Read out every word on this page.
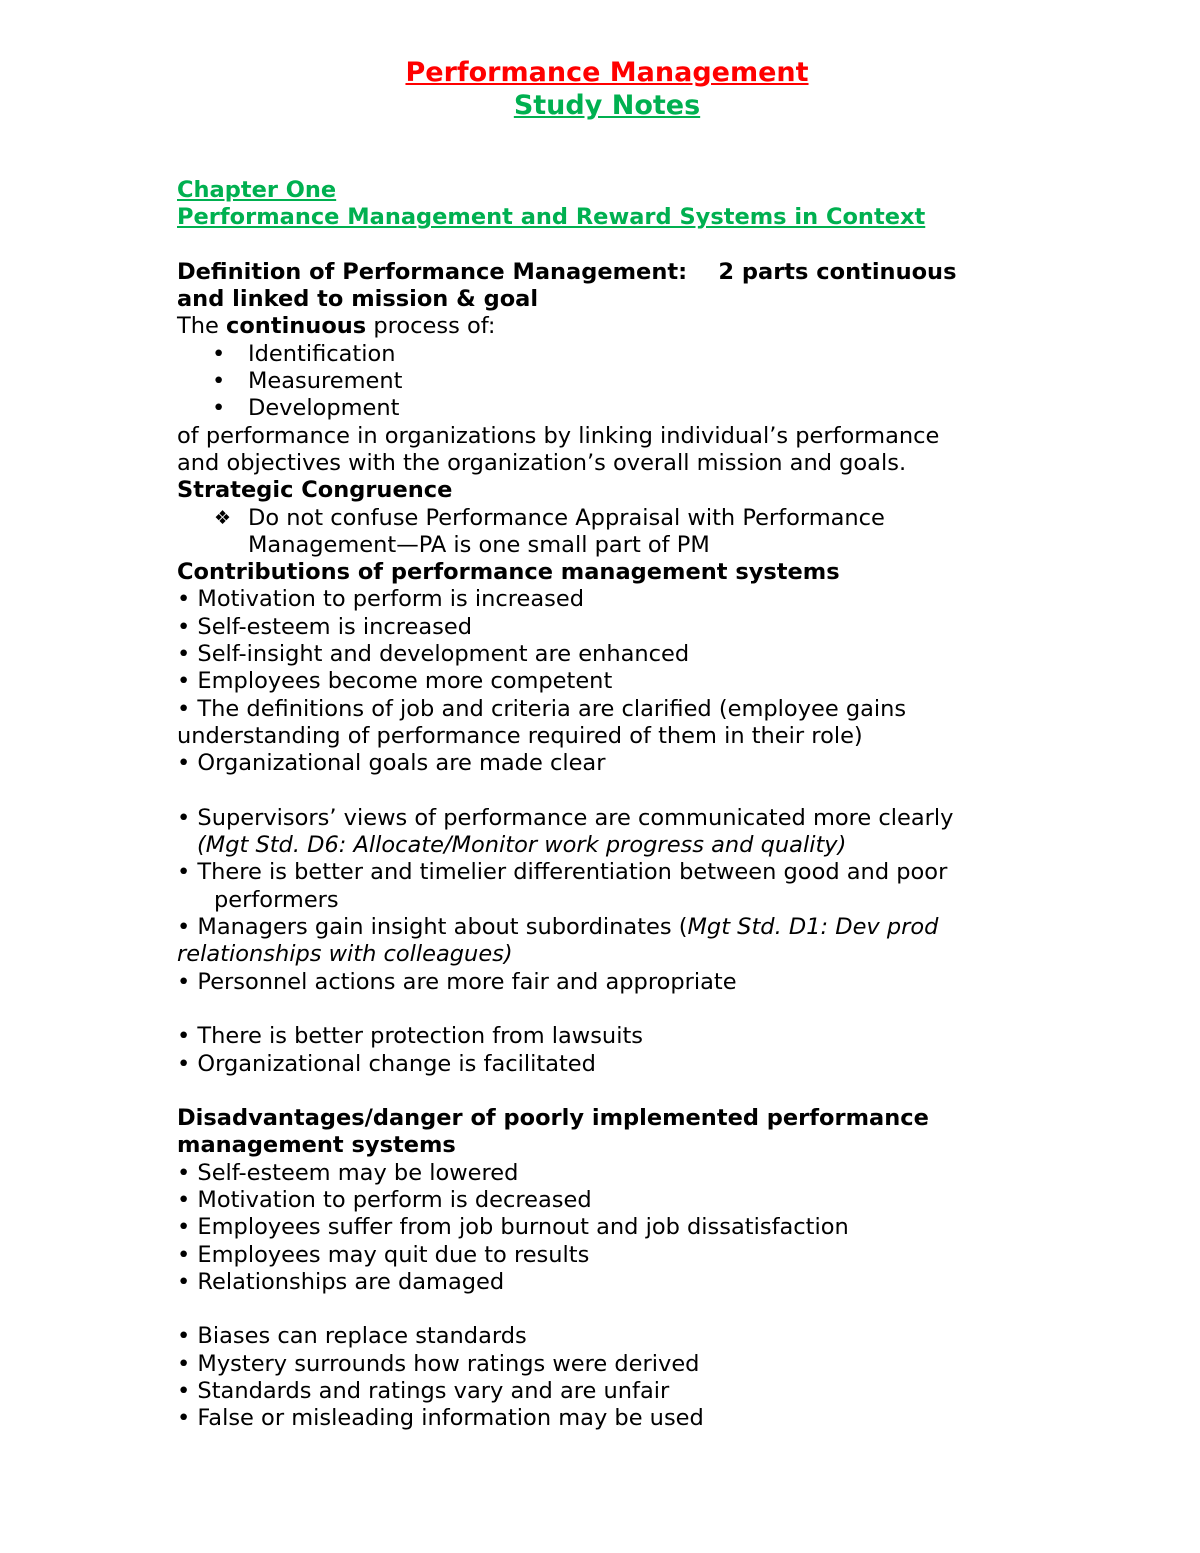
Performance Management
Study Notes
Chapter One
Performance Management and Reward Systems in Context
Definition of Performance Management:    2 parts continuous
and linked to mission & goal
The continuous process of:
• Identification
• Measurement
• Development
of performance in organizations by linking individual’s performance
and objectives with the organization’s overall mission and goals.
Strategic Congruence
❖ Do not confuse Performance Appraisal with Performance
Management—PA is one small part of PM
Contributions of performance management systems
• Motivation to perform is increased
• Self-esteem is increased
• Self-insight and development are enhanced
• Employees become more competent
• The definitions of job and criteria are clarified (employee gains
understanding of performance required of them in their role)
• Organizational goals are made clear
• Supervisors’ views of performance are communicated more clearly
(Mgt Std. D6: Allocate/Monitor work progress and quality)
• There is better and timelier differentiation between good and poor
performers
• Managers gain insight about subordinates (Mgt Std. D1: Dev prod
relationships with colleagues)
• Personnel actions are more fair and appropriate
• There is better protection from lawsuits
• Organizational change is facilitated
Disadvantages/danger of poorly implemented performance
management systems
• Self-esteem may be lowered
• Motivation to perform is decreased
• Employees suffer from job burnout and job dissatisfaction
• Employees may quit due to results
• Relationships are damaged
• Biases can replace standards
• Mystery surrounds how ratings were derived
• Standards and ratings vary and are unfair
• False or misleading information may be used
